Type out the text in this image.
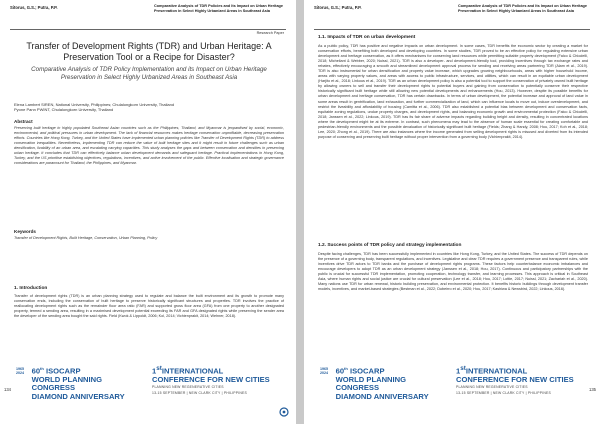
Sitorus, G.S.; Putra, P.P.	Comparative Analysis of TDR Policies and Its Impact on Urban Heritage Preservation in Select Highly Urbanized Areas in Southeast Asia
Research Paper
Transfer of Development Rights (TDR) and Urban Heritage: A Preservation Tool or a Recipe for Disaster?
Comparative Analysis of TDR Policy Implementation and its Impact on Urban Heritage Preservation in Select Highly Urbanized Areas in Southeast Asia
Elena Lambert SIREN, National University, Philippines; Chulalongkorn University, Thailand
Pyone Pann PWINT, Chulalongkorn University, Thailand
Abstract
Preserving built heritage in highly populated Southeast Asian countries such as the Philippines, Thailand, and Myanmar is jeopardised by social, economic, environmental, and political pressures in urban development. The lack of financial resources makes heritage conservation unprofitable, decreasing preservation efforts. Countries like Hong Kong, Turkey, and the United States have implemented urban planning policies like Transfer of Development Rights (TDR) to address conservation inequalities. Nevertheless, implementing TDR can reduce the value of built heritage sites and it might result in future challenges such as urban densification, livability of an urban area, and escalating carrying capacities. This study analyses the gaps and between conservation and densities in preserving urban heritage. It concludes that TDR can effectively balance urban development demands and safeguard heritage. Practical implementations in Hong Kong, Turkey, and the US prioritise establishing objectives, regulations, incentives, and active involvement of the public. Effective localisation and strategic governance considerations are paramount for Thailand, the Philippines, and Myanmar.
Keywords
Transfer of Development Rights, Built Heritage, Conservation, Urban Planning, Policy
1. Introduction
Transfer of development rights (TDR) is an urban planning strategy used to regulate and balance the built environment and its growth to promote many conservation ends, including the conservation of built heritage to preserve historically significant structures and properties. TDR involves the practice of reallocating development rights such as the remainder floor area ratio (FAR) and supported gross floor area (GFA) from one property to another designated property, termed a sending area, resulting in a maximised development potential exceeding its FAR and GFA designated rights while preserving the sender area the developer of the sending area bought the said rights. Field (Kwok & Lippoldt, 2006; Kol, 2014; Vichienprakit, 2014; Wehner, 2018).
134
1965
2024 60th ISOCARP
WORLD PLANNING CONGRESS
DIAMOND ANNIVERSARY
1stINTERNATIONAL
CONFERENCE FOR NEW CITIES
PLANNING NEW REGENERATIVE CITIES
13-15 SEPTEMBER | NEW CLARK CITY | PHILIPPINES
Sitorus, G.S.; Putra, P.P.	Comparative Analysis of TDR Policies and Its Impact on Urban Heritage Preservation in Select Highly Urbanized Areas in Southeast Asia
1.1. Impacts of TDR on urban development
As a public policy, TDR has positive and negative impacts on urban development. In some cases, TDR benefits the economic sector by creating a market for conservation efforts, benefiting both developed and developing countries. In some studies, TDR proved to be an effective policy for regulating extensive urban development and heritage conservation, as it offers mechanisms for conserving land resources while permitting suitable property development (Falco & Chiodelli, 2018; Micheliant & Webber, 2020; Nuissl, 2021). TDR is also a developer- and development-friendly tool, providing incentives through tax exchange rates and rebates, effectively encouraging a smooth and streamlined development approval process for sending and receiving areas partnering TDR (Alam et al., 2019). TDR is also instrumental for urban densification and property value increase, which upgrades growing neighbourhoods, areas with higher household income, areas with varying property values, and areas with access to public infrastructure, services, and utilities, which can result in an equitable urban development (Harjito et al., 2018; Linkous et al., 2019). TDR as an urban development policy is also a potential tool to support the conservation of privately owned built heritage by allowing owners to sell and transfer their development rights to potential buyers and gaining from conservation to potentially conserve their respective historically significant built heritage while still allowing new potential developments and enhancements (Hou, 2013). However, despite its possible benefits for urban development and heritage conservation, TDR has certain drawbacks. In terms of urban development, the potential increase and approval of land value in some areas result in gentrification, land exhaustion, and further commercialization of land, which can influence locals to move out, induce overdevelopment, and restrict the liveability and affordability of housing (Camitta et al., 2006). TDR also established a potential bias between development and conservation facts, equitable zoning regulations, undue property charges, and development rights, and balancing economic growth and environmental protection (Falco & Chiodelli, 2018; Janssen et al., 2022; Linkous, 2019). TDR has its fair share of adverse impacts regarding building height and density, resulting in concentrated locations where the development might be at its extreme. In contrast, such phenomena may lead to the absence of human scale essential for creating comfortable and pedestrian-friendly environments and the possible devaluation of historically significant built heritage (Fields; Zhang & Handy, 2008; Hou, 2017; Koh et al., 2018; Lee, 2020; Zhong et al., 2019). There are also instances where the income generated from selling development rights is misused and diverted from its intended purpose of conserving and preserving built heritage without proper intervention from a governing body (Vichienprakit, 2014).
1.2. Success points of TDR policy and strategy implementation
Despite facing challenges, TDR has been successfully implemented in countries like Hong Kong, Turkey, and the United States. The success of TDR depends on the presence of a governing body, transparent regulations, and incentives. Legislative and clear TDR requires a government presence and transparent rules, while incentives drive TDR actors to TDR banks and the purchase of development rights programs. These factors help counterbalance economic imbalances and encourage developers to adopt TDR as an urban development strategy (Janssen et al., 2018; Hou, 2017). Continuous and participatory partnerships with the public is crucial for successful TDR implementation, promoting cooperation, technology transfer, and learning processes. This approach is critical in Southeast Asia, where human rights and social justice are crucial for cultural preservation (Lee et al., 2018; Hou, 2017; Lottie, 2017; Nuissl, 2021; Zachariah et al., 2020). Many nations use TDR for urban renewal, historic building preservation, and environmental protection. It benefits historic buildings through development transfer models, incentives, and market-based strategies (Bestman et al., 2022; Dubeirro et al., 2020; Hou, 2017; Kashiwa & Newsbird, 2022; Linkous, 2016).
1965
2024 60th ISOCARP
WORLD PLANNING CONGRESS
DIAMOND ANNIVERSARY
1stINTERNATIONAL
CONFERENCE FOR NEW CITIES
PLANNING NEW REGENERATIVE CITIES
13-15 SEPTEMBER | NEW CLARK CITY | PHILIPPINES
135
